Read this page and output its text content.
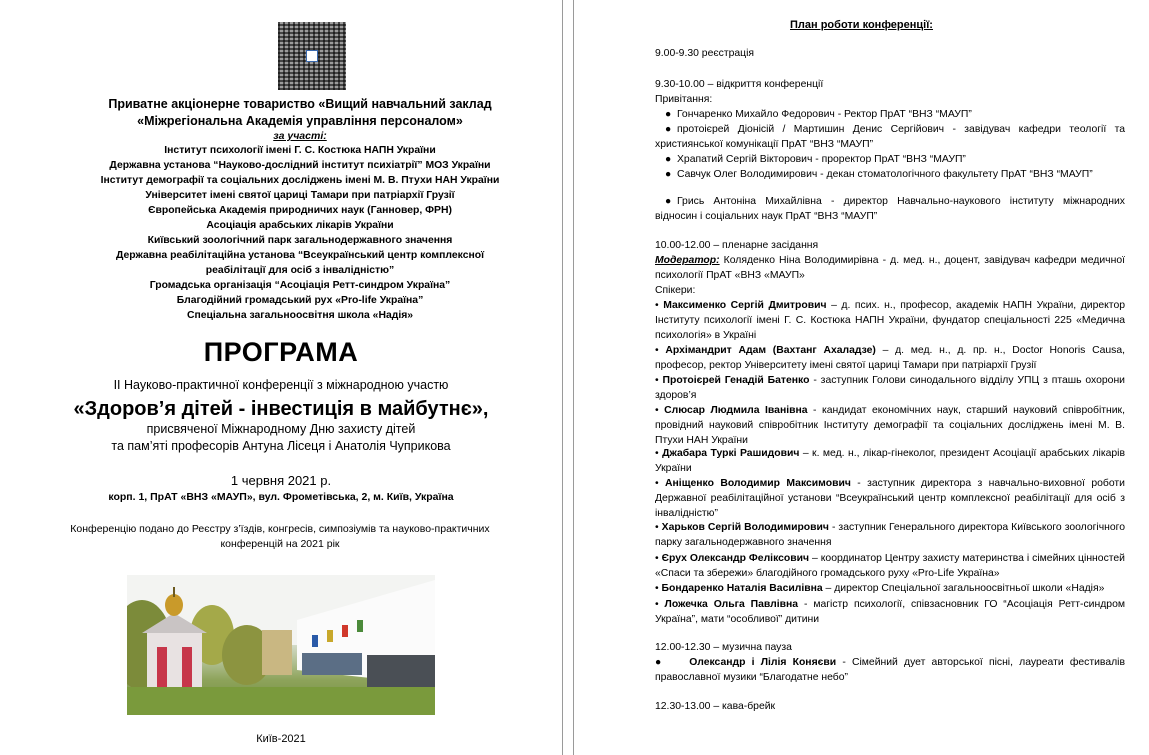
Приватне акціонерне товариство «Вищий навчальний заклад
«Міжрегіональна Академія управління персоналом»
за участі:
Інститут психології імені Г. С. Костюка НАПН України
Державна установа “Науково-дослідний інститут психіатрії” МОЗ України
Інститут демографії та соціальних досліджень імені М. В. Птухи НАН України
Університет імені святої цариці Тамари при патріархії Грузії
Європейська Академія природничих наук (Ганновер, ФРН)
Асоціація арабських лікарів України
Київський зоологічний парк загальнодержавного значення
Державна реабілітаційна установа “Всеукраїнський центр комплексної
реабілітації для осіб з інвалідністю”
Громадська організація “Асоціація Ретт-синдром Україна”
Благодійний громадський рух «Pro-life Україна”
Спеціальна загальноосвітня школа «Надія»
ПРОГРАМА
ІІ Науково-практичної конференції з міжнародною участю
«Здоров’я дітей - інвестиція в майбутнє»,
присвяченої Міжнародному Дню захисту дітей
та пам’яті професорів Антуна Лісеця і Анатолія Чуприкова
1 червня 2021 р.
корп. 1, ПрАТ «ВНЗ «МАУП», вул. Фрометівська, 2, м. Київ, Україна
Конференцію подано до Реєстру з’їздів, конгресів, симпозіумів та науково-практичних
конференцій на 2021 рік
Київ-2021
План роботи конференції:
9.00-9.30 реєстрація
9.30-10.00 – відкриття конференції
Привітання:
● Гончаренко Михайло Федорович - Ректор ПрАТ “ВНЗ “МАУП”
● протоієрей Діонісій / Мартишин Денис Сергійович - завідувач кафедри теології та християнської комунікації ПрАТ “ВНЗ “МАУП”
● Храпатий Сергій Вікторович - проректор ПрАТ “ВНЗ “МАУП”
● Савчук Олег Володимирович - декан стоматологічного факультету ПрАТ “ВНЗ “МАУП”
● Грись Антоніна Михайлівна - директор Навчально-наукового інституту міжнародних відносин і соціальних наук ПрАТ “ВНЗ “МАУП”
10.00-12.00 – пленарне засідання
Модератор: Коляденко Ніна Володимирівна - д. мед. н., доцент, завідувач кафедри медичної психології ПрАТ «ВНЗ «МАУП»
Спікери:
• Максименко Сергій Дмитрович – д. псих. н., професор, академік НАПН України, директор Інституту психології імені Г. С. Костюка НАПН України, фундатор спеціальності 225 «Медична психологія» в Україні
• Архімандрит Адам (Вахтанг Ахаладзе) – д. мед. н., д. пр. н., Doctor Honoris Causa, професор, ректор Університету імені святої цариці Тамари при патріархії Грузії
• Протоієрей Генадій Батенко - заступник Голови синодального відділу УПЦ з пташь охорони здоров’я
• Слюсар Людмила Іванівна - кандидат економічних наук, старший науковий співробітник, провідний науковий співробітник Інституту демографії та соціальних досліджень імені М. В. Птухи НАН України
• Джабара Туркі Рашидович – к. мед. н., лікар-гінеколог, президент Асоціації арабських лікарів України
• Аніщенко Володимир Максимович - заступник директора з навчально-виховної роботи Державної реабілітаційної установи “Всеукраїнський центр комплексної реабілітації для осіб з інвалідністю”
• Харьков Сергій Володимирович - заступник Генерального директора Київського зоологічного парку загальнодержавного значення
• Єрух Олександр Феліксович – координатор Центру захисту материнства і сімейних цінностей «Спаси та збережи» благодійного громадського руху «Pro-Life Україна»
• Бондаренко Наталія Василівна – директор Спеціальної загальноосвітньої школи «Надія»
• Ложечка Ольга Павлівна - магістр психології, співзасновник ГО “Асоціація Ретт-синдром Україна”, мати “особливої” дитини
12.00-12.30 – музична пауза
●    Олександр і Лілія Коняєви - Сімейний дует авторської пісні, лауреати фестивалів православної музики “Благодатне небо”
12.30-13.00 – кава-брейк
